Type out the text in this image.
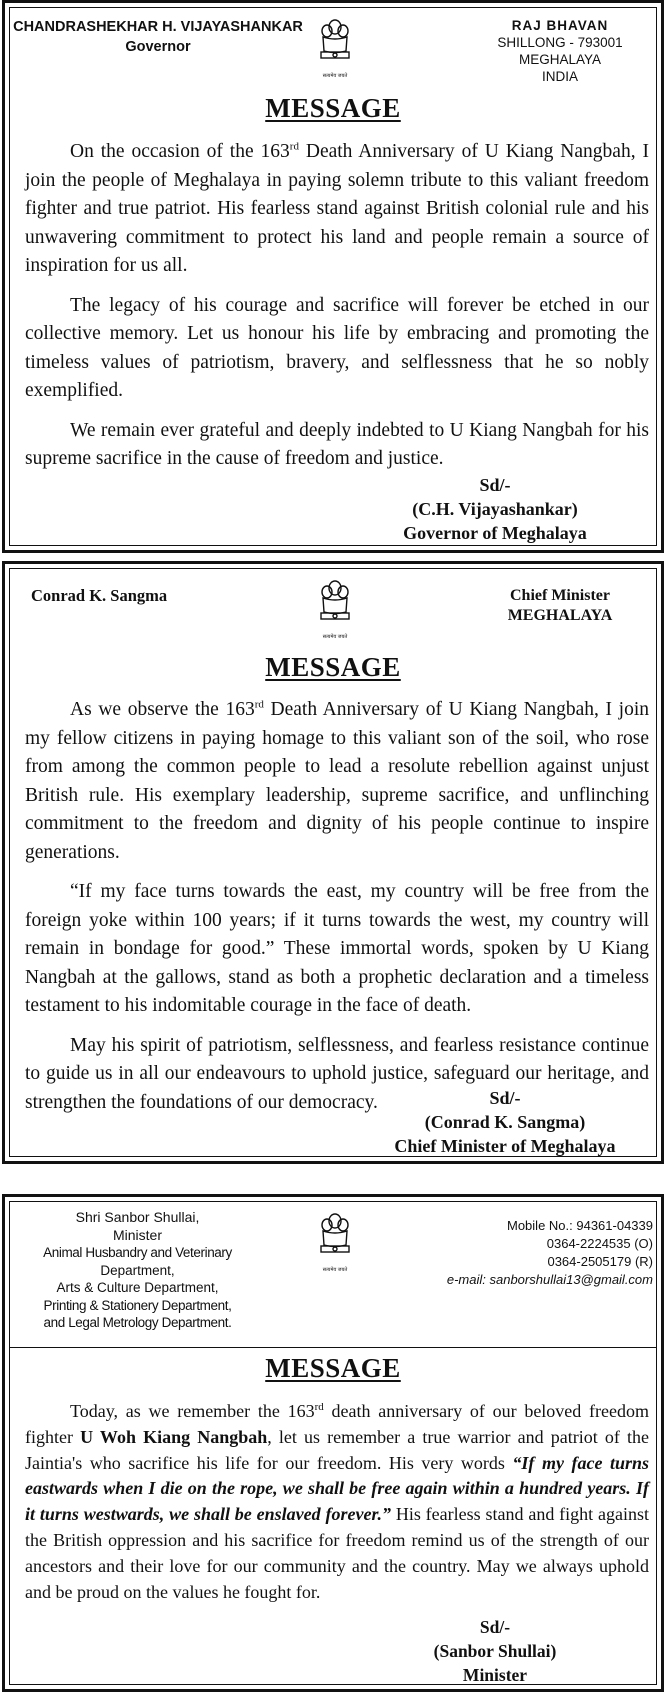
CHANDRASHEKHAR H. VIJAYASHANKAR
Governor
सत्यमेव जयते
RAJ BHAVAN
SHILLONG - 793001
MEGHALAYA
INDIA
MESSAGE

On the occasion of the 163rd Death Anniversary of U Kiang Nangbah, I join the people of Meghalaya in paying solemn tribute to this valiant freedom fighter and true patriot. His fearless stand against British colonial rule and his unwavering commitment to protect his land and people remain a source of inspiration for us all.

The legacy of his courage and sacrifice will forever be etched in our collective memory. Let us honour his life by embracing and promoting the timeless values of patriotism, bravery, and selflessness that he so nobly exemplified.

We remain ever grateful and deeply indebted to U Kiang Nangbah for his supreme sacrifice in the cause of freedom and justice.

Sd/-
(C.H. Vijayashankar)
Governor of Meghalaya
Conrad K. Sangma
सत्यमेव जयते
Chief Minister
MEGHALAYA
MESSAGE

As we observe the 163rd Death Anniversary of U Kiang Nangbah, I join my fellow citizens in paying homage to this valiant son of the soil, who rose from among the common people to lead a resolute rebellion against unjust British rule. His exemplary leadership, supreme sacrifice, and unflinching commitment to the freedom and dignity of his people continue to inspire generations.

“If my face turns towards the east, my country will be free from the foreign yoke within 100 years; if it turns towards the west, my country will remain in bondage for good.” These immortal words, spoken by U Kiang Nangbah at the gallows, stand as both a prophetic declaration and a timeless testament to his indomitable courage in the face of death.

May his spirit of patriotism, selflessness, and fearless resistance continue to guide us in all our endeavours to uphold justice, safeguard our heritage, and strengthen the foundations of our democracy.	Sd/-
(Conrad K. Sangma)
Chief Minister of Meghalaya
Shri Sanbor Shullai,
Minister
Animal Husbandry and Veterinary
Department,
Arts & Culture Department,
Printing & Stationery Department,
and Legal Metrology Department.
सत्यमेव जयते
Mobile No.: 94361-04339
0364-2224535 (O)
0364-2505179 (R)
e-mail: sanborshullai13@gmail.com
MESSAGE

Today, as we remember the 163rd death anniversary of our beloved freedom fighter U Woh Kiang Nangbah, let us remember a true warrior and patriot of the Jaintia's who sacrifice his life for our freedom. His very words “If my face turns eastwards when I die on the rope, we shall be free again within a hundred years. If it turns westwards, we shall be enslaved forever.” His fearless stand and fight against the British oppression and his sacrifice for freedom remind us of the strength of our ancestors and their love for our community and the country. May we always uphold and be proud on the values he fought for.

Sd/-
(Sanbor Shullai)
Minister
